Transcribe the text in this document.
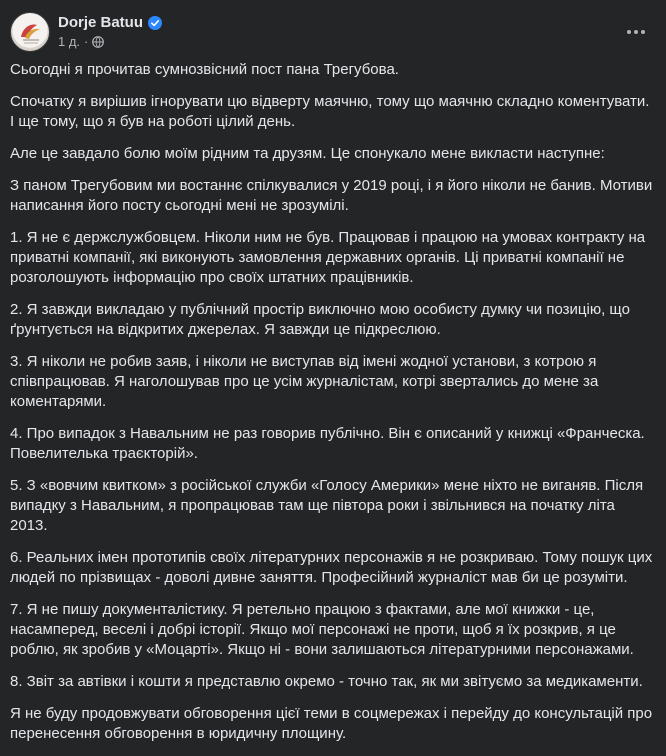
Dorje Batuu
1 д. ·

Сьогодні я прочитав сумнозвісний пост пана Трегубова.

Спочатку я вирішив ігнорувати цю відверту маячню, тому що маячню складно коментувати. І ще тому, що я був на роботі цілий день.

Але це завдало болю моїм рідним та друзям. Це спонукало мене викласти наступне:

З паном Трегубовим ми востаннє спілкувалися у 2019 році, і я його ніколи не банив. Мотиви написання його посту сьогодні мені не зрозумілі.

1. Я не є держслужбовцем. Ніколи ним не був. Працював і працюю на умовах контракту на приватні компанії, які виконують замовлення державних органів. Ці приватні компанії не розголошують інформацію про своїх штатних працівників.

2. Я завжди викладаю у публічний простір виключно мою особисту думку чи позицію, що ґрунтується на відкритих джерелах. Я завжди це підкреслюю.

3. Я ніколи не робив заяв, і ніколи не виступав від імені жодної установи, з котрою я співпрацював. Я наголошував про це усім журналістам, котрі звертались до мене за коментарями.

4. Про випадок з Навальним не раз говорив публічно. Він є описаний у книжці «Франческа. Повелителька траєкторій».

5. З «вовчим квитком» з російської служби «Голосу Америки» мене ніхто не виганяв. Після випадку з Навальним, я пропрацював там ще півтора роки і звільнився на початку літа 2013.

6. Реальних імен прототипів своїх літературних персонажів я не розкриваю. Тому пошук цих людей по прізвищах - доволі дивне заняття. Професійний журналіст мав би це розуміти.

7. Я не пишу документалістику. Я ретельно працюю з фактами, але мої книжки - це, насамперед, веселі і добрі історії. Якщо мої персонажі не проти, щоб я їх розкрив, я це роблю, як зробив у «Моцарті». Якщо ні - вони залишаються літературними персонажами.

8. Звіт за автівки і кошти я представлю окремо - точно так, як ми звітуємо за медикаменти.

Я не буду продовжувати обговорення цієї теми в соцмережах і перейду до консультацій про перенесення обговорення в юридичну площину.
